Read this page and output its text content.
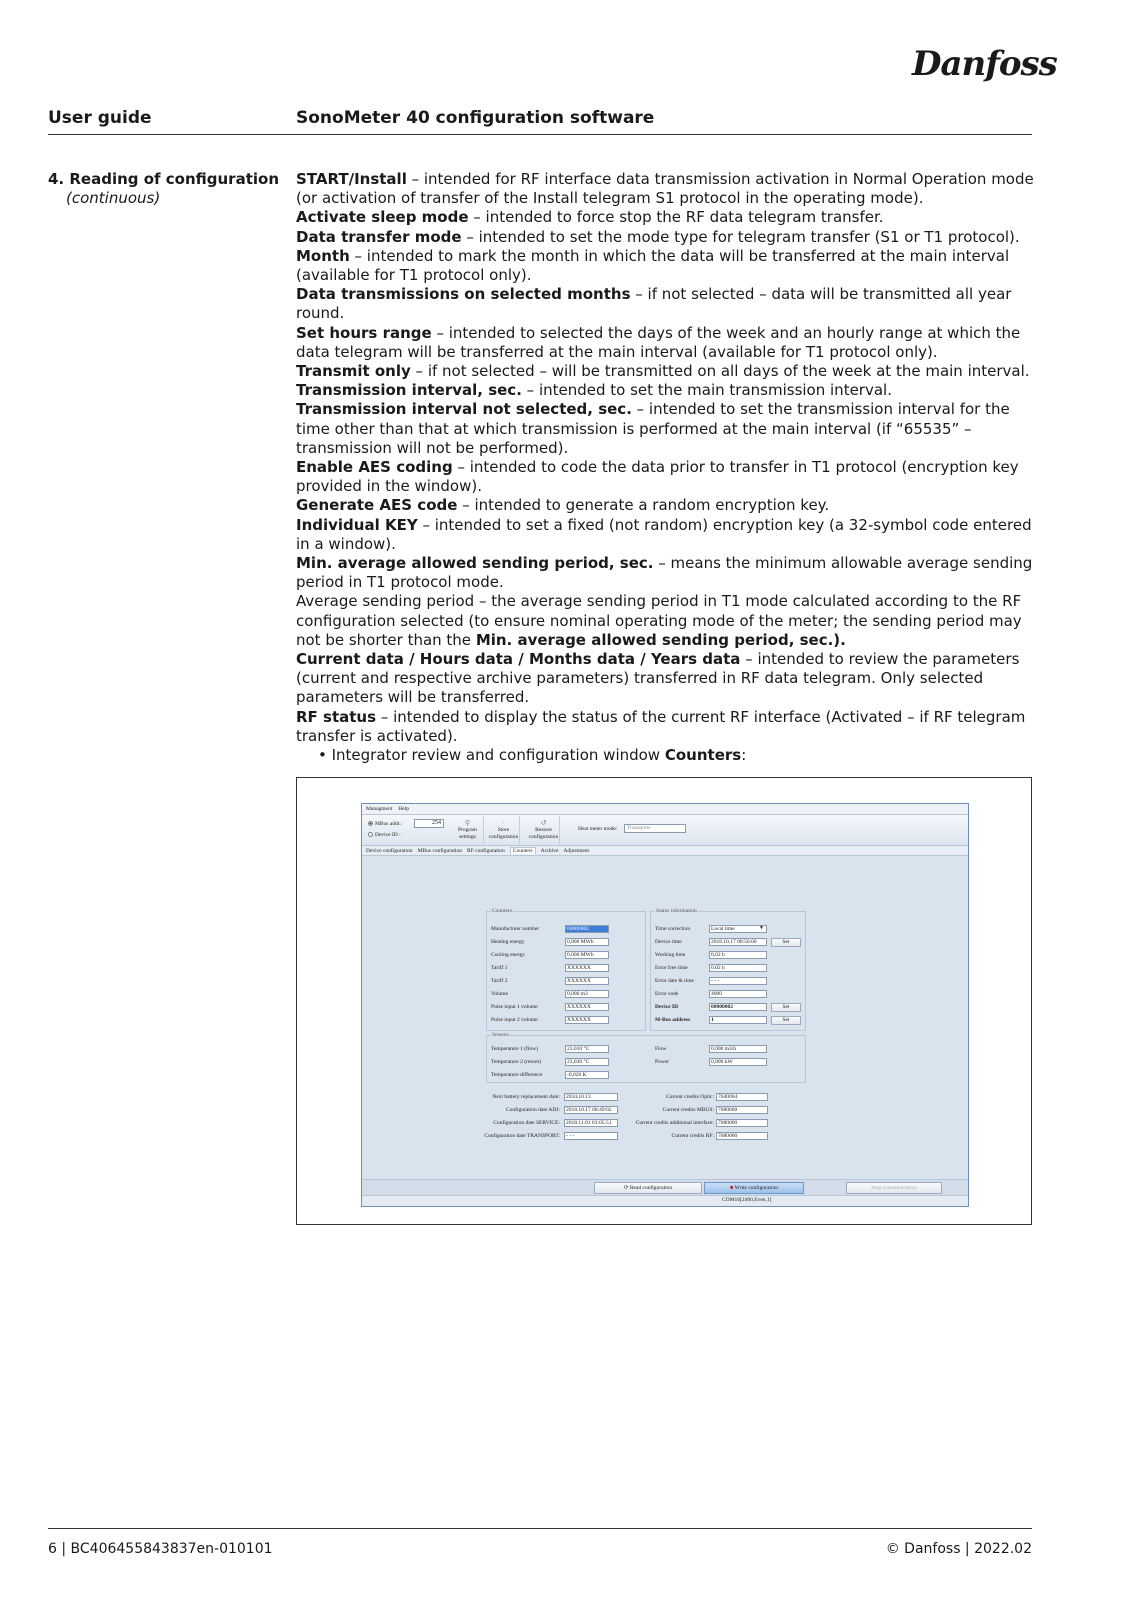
Danfoss
User guide	SonoMeter 40 configuration software
4. Reading of configuration
(continuous)

START/Install – intended for RF interface data transmission activation in Normal Operation mode (or activation of transfer of the Install telegram S1 protocol in the operating mode).

Activate sleep mode – intended to force stop the RF data telegram transfer.

Data transfer mode – intended to set the mode type for telegram transfer (S1 or T1 protocol).

Month – intended to mark the month in which the data will be transferred at the main interval (available for T1 protocol only).

Data transmissions on selected months – if not selected – data will be transmitted all year round.

Set hours range – intended to selected the days of the week and an hourly range at which the data telegram will be transferred at the main interval (available for T1 protocol only).

Transmit only – if not selected – will be transmitted on all days of the week at the main interval.

Transmission interval, sec. – intended to set the main transmission interval.

Transmission interval not selected, sec. – intended to set the transmission interval for the time other than that at which transmission is performed at the main interval (if “65535” – transmission will not be performed).

Enable AES coding – intended to code the data prior to transfer in T1 protocol (encryption key provided in the window).

Generate AES code – intended to generate a random encryption key.

Individual KEY – intended to set a fixed (not random) encryption key (a 32-symbol code entered in a window).

Min. average allowed sending period, sec. – means the minimum allowable average sending period in T1 protocol mode.

Average sending period – the average sending period in T1 mode calculated according to the RF configuration selected (to ensure nominal operating mode of the meter; the sending period may not be shorter than the Min. average allowed sending period, sec.).

Current data / Hours data / Months data / Years data – intended to review the parameters (current and respective archive parameters) transferred in RF data telegram. Only selected parameters will be transferred.

RF status – intended to display the status of the current RF interface (Activated – if RF telegram transfer is activated).

• Integrator review and configuration window Counters:
Managment Help
MBus addr.:
Device ID :
254	⚲
Program
settings
·
Store
configuration
↺
Restore
configuration
Heat meter mode:	Transporte
Device configuration MBus configuration RF configuration	Counters	Archive Adjustment
Counters
Manufacturer number	00000002
Heating energy	0,000 MWh
Cooling energy	0,000 MWh
Tariff 1	XXXXXX
Tariff 2	XXXXXX
Volume	0,000 m3
Pulse input 1 volume	XXXXXX
Pulse input 2 volume	XXXXXX
Status information
Time correction	Local time	▼
Device time	2018.10.17 08:50:00	Set
Working time	0,02 h
Error free time	0,02 h
Error date & time	- - -
Error code	4000
Device ID	00000002	Set
M-Bus address	1	Set
Sensors
Temperature 1 (flow)	23,010 °C
Temperature 2 (return)	23,030 °C
Temperature difference	-0,020 K
Flow	0,000 m3/h
Power	0,000 kW
Next battery replacement date:	2034.10.13
Configuration date ADJ:	2018.10.17 08:49:02
Configuration date SERVICE:	2018.11.01 03:05:51
Configuration date TRANSPORT:	- - -
Current credits Optic: 7640064
Current credits MBUS: 7680000
Current credits additional interface: 7680000
Current credits RF: 7680000
⟳ Read configuration	■ Write configuration	Stop communication
COM16[2400,Even,1]
6 | BC406455843837en-010101	© Danfoss | 2022.02
